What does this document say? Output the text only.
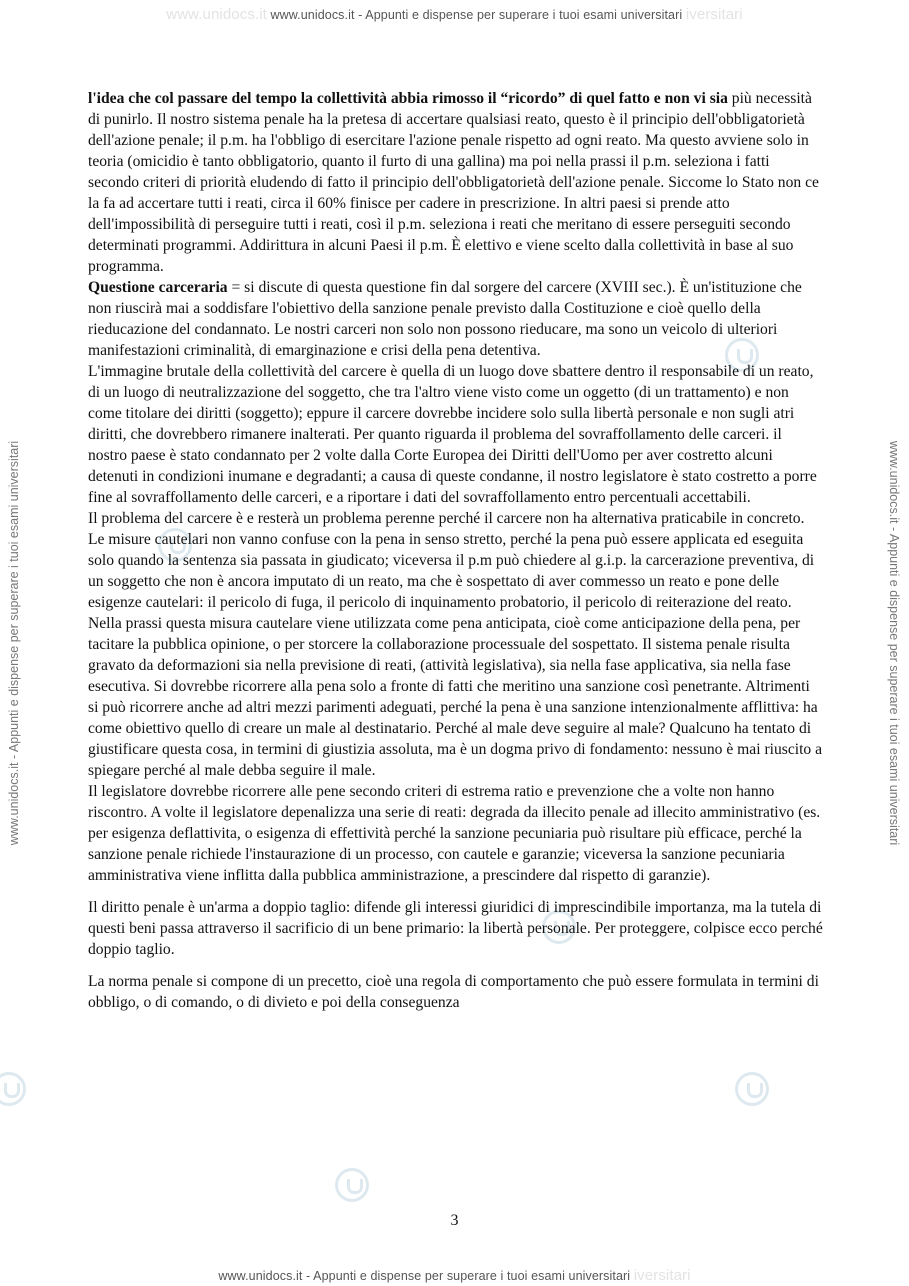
www.unidocs.it www.unidocs.it - Appunti e dispense per superare i tuoi esami universitari iversitari
www.unidocs.it - Appunti e dispense per superare i tuoi esami universitari	www.unidocs.it - Appunti e dispense per superare i tuoi esami universitari

l'idea che col passare del tempo la collettività abbia rimosso il “ricordo” di quel fatto e non vi sia più necessità di punirlo. Il nostro sistema penale ha la pretesa di accertare qualsiasi reato, questo è il principio dell'obbligatorietà dell'azione penale; il p.m. ha l'obbligo di esercitare l'azione penale rispetto ad ogni reato. Ma questo avviene solo in teoria (omicidio è tanto obbligatorio, quanto il furto di una gallina) ma poi nella prassi il p.m. seleziona i fatti secondo criteri di priorità eludendo di fatto il principio dell'obbligatorietà dell'azione penale. Siccome lo Stato non ce la fa ad accertare tutti i reati, circa il 60% finisce per cadere in prescrizione. In altri paesi si prende atto dell'impossibilità di perseguire tutti i reati, così il p.m. seleziona i reati che meritano di essere perseguiti secondo determinati programmi. Addirittura in alcuni Paesi il p.m. È elettivo e viene scelto dalla collettività in base al suo programma.

Questione carceraria = si discute di questa questione fin dal sorgere del carcere (XVIII sec.). È un'istituzione che non riuscirà mai a soddisfare l'obiettivo della sanzione penale previsto dalla Costituzione e cioè quello della rieducazione del condannato. Le nostri carceri non solo non possono rieducare, ma sono un veicolo di ulteriori manifestazioni criminalità, di emarginazione e crisi della pena detentiva.

L'immagine brutale della collettività del carcere è quella di un luogo dove sbattere dentro il responsabile di un reato, di un luogo di neutralizzazione del soggetto, che tra l'altro viene visto come un oggetto (di un trattamento) e non come titolare dei diritti (soggetto); eppure il carcere dovrebbe incidere solo sulla libertà personale e non sugli atri diritti, che dovrebbero rimanere inalterati. Per quanto riguarda il problema del sovraffollamento delle carceri. il nostro paese è stato condannato per 2 volte dalla Corte Europea dei Diritti dell'Uomo per aver costretto alcuni detenuti in condizioni inumane e degradanti; a causa di queste condanne, il nostro legislatore è stato costretto a porre fine al sovraffollamento delle carceri, e a riportare i dati del sovraffollamento entro percentuali accettabili.

Il problema del carcere è e resterà un problema perenne perché il carcere non ha alternativa praticabile in concreto.

Le misure cautelari non vanno confuse con la pena in senso stretto, perché la pena può essere applicata ed eseguita solo quando la sentenza sia passata in giudicato; viceversa il p.m può chiedere al g.i.p. la carcerazione preventiva, di un soggetto che non è ancora imputato di un reato, ma che è sospettato di aver commesso un reato e pone delle esigenze cautelari: il pericolo di fuga, il pericolo di inquinamento probatorio, il pericolo di reiterazione del reato. Nella prassi questa misura cautelare viene utilizzata come pena anticipata, cioè come anticipazione della pena, per tacitare la pubblica opinione, o per storcere la collaborazione processuale del sospettato. Il sistema penale risulta gravato da deformazioni sia nella previsione di reati, (attività legislativa), sia nella fase applicativa, sia nella fase esecutiva. Si dovrebbe ricorrere alla pena solo a fronte di fatti che meritino una sanzione così penetrante. Altrimenti si può ricorrere anche ad altri mezzi parimenti adeguati, perché la pena è una sanzione intenzionalmente afflittiva: ha come obiettivo quello di creare un male al destinatario. Perché al male deve seguire al male? Qualcuno ha tentato di giustificare questa cosa, in termini di giustizia assoluta, ma è un dogma privo di fondamento: nessuno è mai riuscito a spiegare perché al male debba seguire il male.

Il legislatore dovrebbe ricorrere alle pene secondo criteri di estrema ratio e prevenzione che a volte non hanno riscontro. A volte il legislatore depenalizza una serie di reati: degrada da illecito penale ad illecito amministrativo (es. per esigenza deflattivita, o esigenza di effettività perché la sanzione pecuniaria può risultare più efficace, perché la sanzione penale richiede l'instaurazione di un processo, con cautele e garanzie; viceversa la sanzione pecuniaria amministrativa viene inflitta dalla pubblica amministrazione, a prescindere dal rispetto di garanzie).

Il diritto penale è un'arma a doppio taglio: difende gli interessi giuridici di imprescindibile importanza, ma la tutela di questi beni passa attraverso il sacrificio di un bene primario: la libertà personale. Per proteggere, colpisce ecco perché doppio taglio.

La norma penale si compone di un precetto, cioè una regola di comportamento che può essere formulata in termini di obbligo, o di comando, o di divieto e poi della conseguenza

3
www.unidocs.it - Appunti e dispense per superare i tuoi esami universitari iversitari
